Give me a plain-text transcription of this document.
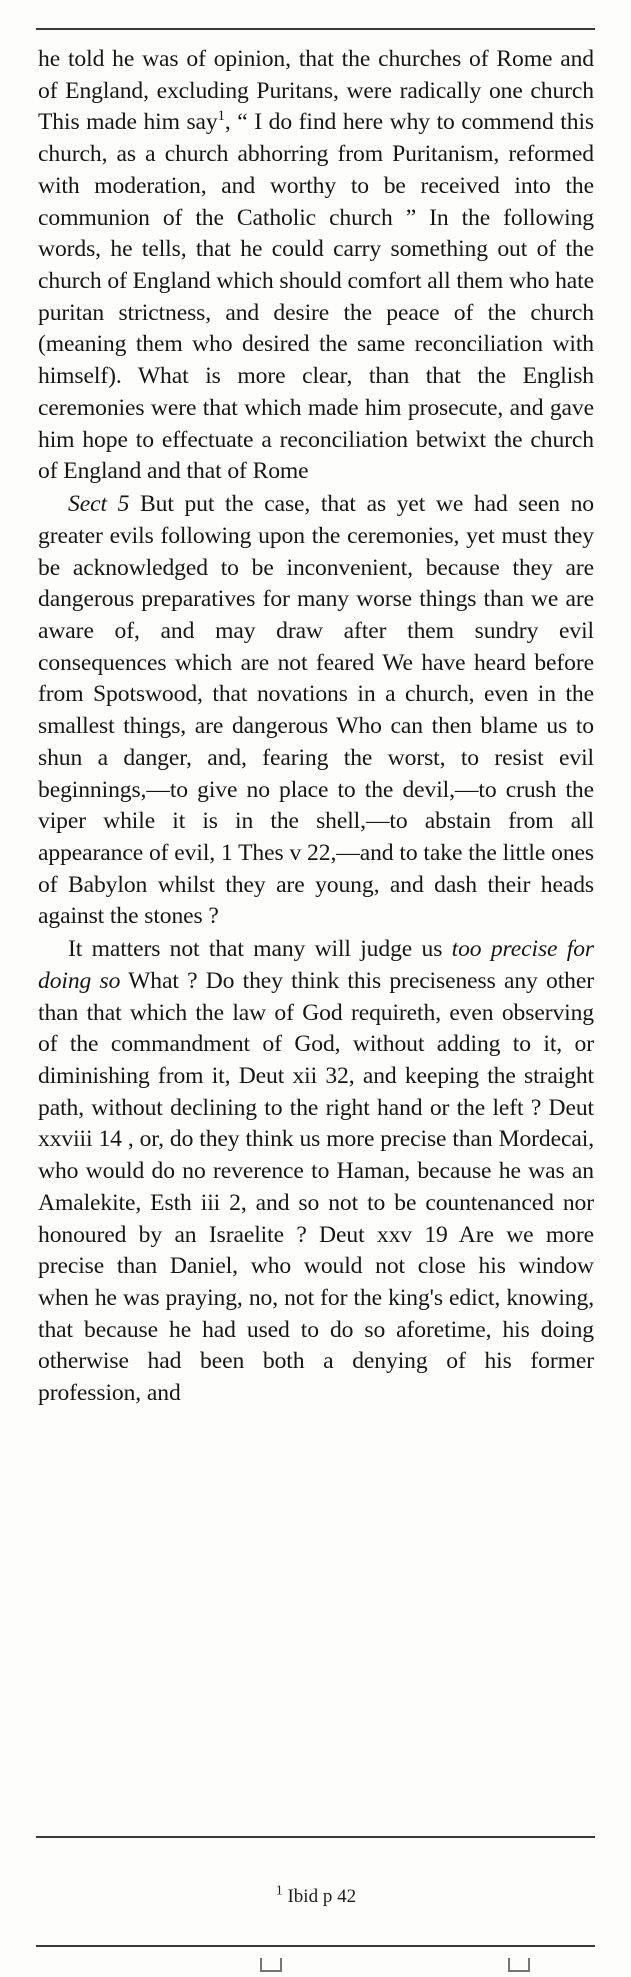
he told he was of opinion, that the churches of Rome and of England, excluding Puritans, were radically one church This made him say$^1$, “ I do find here why to commend this church, as a church abhorring from Puritanism, reformed with moderation, and worthy to be received into the communion of the Catholic church ” In the following words, he tells, that he could carry something out of the church of England which should comfort all them who hate puritan strictness, and desire the peace of the church (meaning them who desired the same reconciliation with himself). What is more clear, than that the English ceremonies were that which made him prosecute, and gave him hope to effectuate a reconciliation betwixt the church of England and that of Rome

Sect 5 But put the case, that as yet we had seen no greater evils following upon the ceremonies, yet must they be acknowledged to be inconvenient, because they are dangerous preparatives for many worse things than we are aware of, and may draw after them sundry evil consequences which are not feared We have heard before from Spotswood, that novations in a church, even in the smallest things, are dangerous Who can then blame us to shun a danger, and, fearing the worst, to resist evil beginnings,—to give no place to the devil,—to crush the viper while it is in the shell,—to abstain from all appearance of evil, 1 Thes v 22,—and to take the little ones of Babylon whilst they are young, and dash their heads against the stones ?

It matters not that many will judge us too precise for doing so What ? Do they think this preciseness any other than that which the law of God requireth, even observing of the commandment of God, without adding to it, or diminishing from it, Deut xii 32, and keeping the straight path, without declining to the right hand or the left ? Deut xxviii 14 , or, do they think us more precise than Mordecai, who would do no reverence to Haman, because he was an Amalekite, Esth iii 2, and so not to be countenanced nor honoured by an Israelite ? Deut xxv 19 Are we more precise than Daniel, who would not close his window when he was praying, no, not for the king's edict, knowing, that because he had used to do so aforetime, his doing otherwise had been both a denying of his former profession, and

$^1$ Ibid p 42
